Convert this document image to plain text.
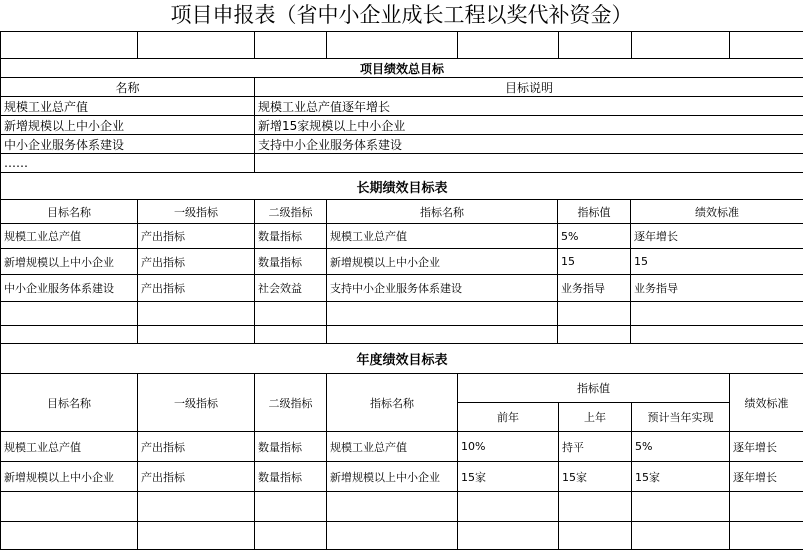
项目申报表（省中小企业成长工程以奖代补资金）

项目绩效总目标	
名称	目标说明
规模工业总产值	规模工业总产值逐年增长
新增规模以上中小企业	新增15家规模以上中小企业
中小企业服务体系建设	支持中小企业服务体系建设
……	
长期绩效目标表					
目标名称	一级指标	二级指标	指标名称	指标值	绩效标准
规模工业总产值	产出指标	数量指标	规模工业总产值	5%	逐年增长
新增规模以上中小企业	产出指标	数量指标	新增规模以上中小企业	15	15
中小企业服务体系建设	产出指标	社会效益	支持中小企业服务体系建设	业务指导	业务指导

年度绩效目标表							
目标名称	一级指标	二级指标	指标名称	指标值			绩效标准
				前年	上年	预计当年实现	
规模工业总产值	产出指标	数量指标	规模工业总产值	10%	持平	5%	逐年增长
新增规模以上中小企业	产出指标	数量指标	新增规模以上中小企业	15家	15家	15家	逐年增长
